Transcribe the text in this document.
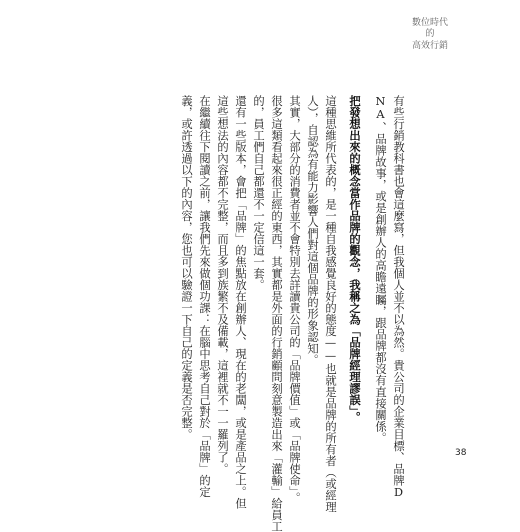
數位時代
的
高效行銷
有些行銷教科書也會這麼寫，但我個人並不以為然。貴公司的企業目標、品牌D
NA、品牌故事，或是創辦人的高瞻遠矚，跟品牌都沒有直接關係。
把發想出來的概念當作品牌的觀念，我稱之為「品牌經理謬誤」。
這種思維所代表的，是一種自我感覺良好的態度——也就是品牌的所有者（或經理
人），自認為有能力影響人們對這個品牌的形象認知。
其實，大部分的消費者並不會特別去詳讀貴公司的「品牌價值」或「品牌使命」。
很多這類看起來很正經的東西，其實都是外面的行銷顧問刻意製造出來「灌輸」給員工
的，員工們自己都還不一定信這一套。
還有一些版本，會把「品牌」的焦點放在創辦人、現在的老闆，或是產品之上。但
這些想法的內容都不完整，而且多到族繁不及備載，這裡就不一一羅列了。
在繼續往下閱讀之前，讓我們先來做個功課：在腦中思考自己對於「品牌」的定
義，或許透過以下的內容，您也可以驗證一下自己的定義是否完整。
38
